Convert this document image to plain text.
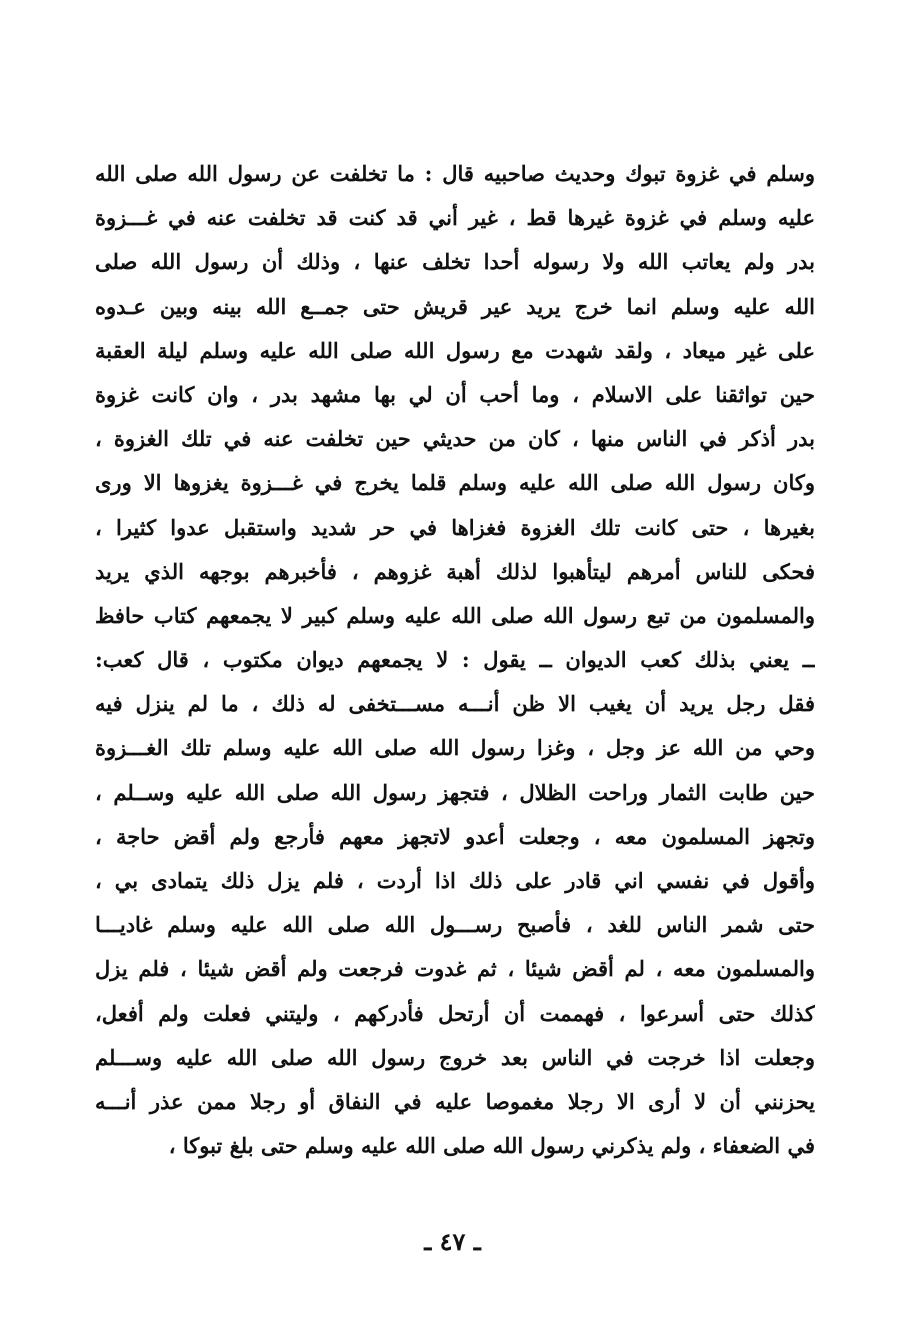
وسلم في غزوة تبوك وحديث صاحبيه قال : ما تخلفت عن رسول الله صلى الله
عليه وسلم في غزوة غيرها قط ، غير أني قد كنت قد تخلفت عنه في غـــزوة
بدر ولم يعاتب الله ولا رسوله أحدا تخلف عنها ، وذلك أن رسول الله صلى
الله عليه وسلم انما خرج يريد عير قريش حتى جمــع الله بينه وبين عـدوه
على غير ميعاد ، ولقد شهدت مع رسول الله صلى الله عليه وسلم ليلة العقبة
حين تواثقنا على الاسلام ، وما أحب أن لي بها مشهد بدر ، وان كانت غزوة
بدر أذكر في الناس منها ، كان من حديثي حين تخلفت عنه في تلك الغزوة ،
وكان رسول الله صلى الله عليه وسلم قلما يخرج في غـــزوة يغزوها الا ورى
بغيرها ، حتى كانت تلك الغزوة فغزاها في حر شديد واستقبل عدوا كثيرا ،
فحكى للناس أمرهم ليتأهبوا لذلك أهبة غزوهم ، فأخبرهم بوجهه الذي يريد
والمسلمون من تبع رسول الله صلى الله عليه وسلم كبير لا يجمعهم كتاب حافظ
ــ يعني بذلك كعب الديوان ــ يقول : لا يجمعهم ديوان مكتوب ، قال كعب:
فقل رجل يريد أن يغيب الا ظن أنـــه مســـتخفى له ذلك ، ما لم ينزل فيه
وحي من الله عز وجل ، وغزا رسول الله صلى الله عليه وسلم تلك الغـــزوة
حين طابت الثمار وراحت الظلال ، فتجهز رسول الله صلى الله عليه وســلم ،
وتجهز المسلمون معه ، وجعلت أعدو لاتجهز معهم فأرجع ولم أقض حاجة ،
وأقول في نفسي اني قادر على ذلك اذا أردت ، فلم يزل ذلك يتمادى بي ،
حتى شمر الناس للغد ، فأصبح رســـول الله صلى الله عليه وسلم غاديـــا
والمسلمون معه ، لم أقض شيئا ، ثم غدوت فرجعت ولم أقض شيئا ، فلم يزل
كذلك حتى أسرعوا ، فهممت أن أرتحل فأدركهم ، وليتني فعلت ولم أفعل،
وجعلت اذا خرجت في الناس بعد خروج رسول الله صلى الله عليه وســـلم
يحزنني أن لا أرى الا رجلا مغموصا عليه في النفاق أو رجلا ممن عذر أنـــه
في الضعفاء ، ولم يذكرني رسول الله صلى الله عليه وسلم حتى بلغ تبوكا ،
ـ ٤٧ ـ
